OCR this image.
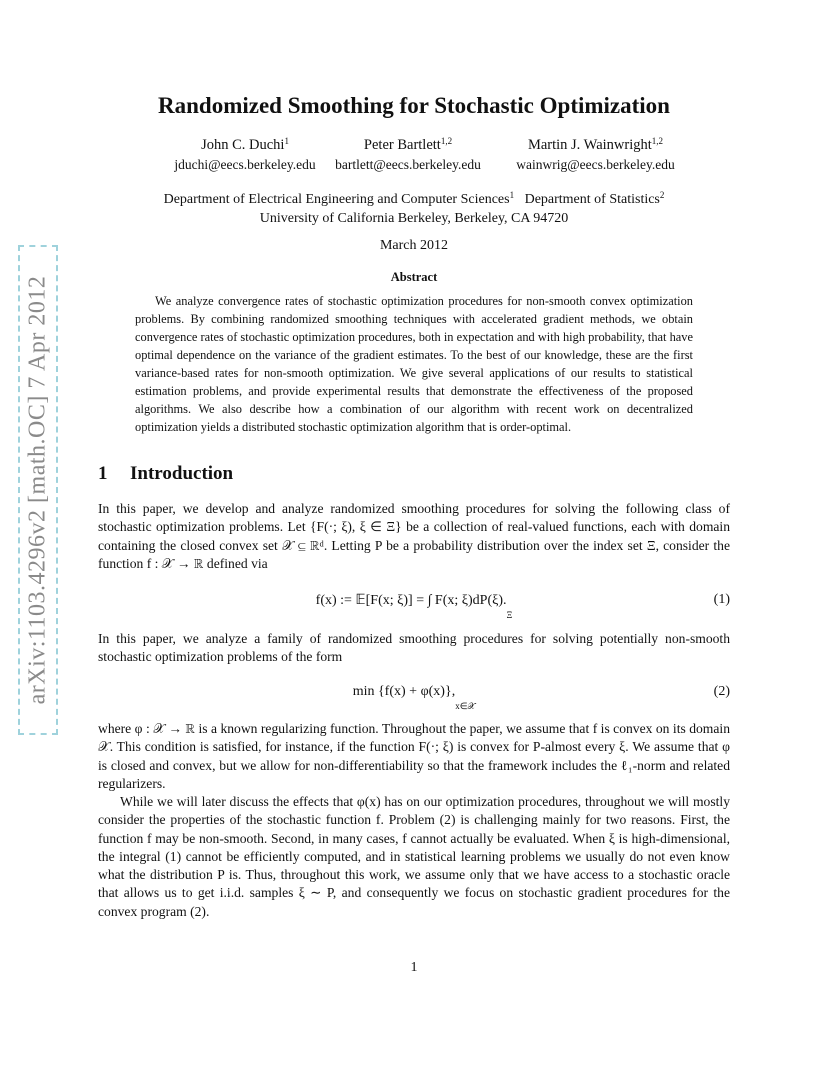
arXiv:1103.4296v2 [math.OC] 7 Apr 2012
Randomized Smoothing for Stochastic Optimization
John C. Duchi$^1$
jduchi@eecs.berkeley.edu
Peter Bartlett$^{1,2}$
bartlett@eecs.berkeley.edu
Martin J. Wainwright$^{1,2}$
wainwrig@eecs.berkeley.edu
Department of Electrical Engineering and Computer Sciences$^1$ Department of Statistics$^2$
University of California Berkeley, Berkeley, CA 94720
March 2012
Abstract

We analyze convergence rates of stochastic optimization procedures for non-smooth convex optimization problems. By combining randomized smoothing techniques with accelerated gradient methods, we obtain convergence rates of stochastic optimization procedures, both in expectation and with high probability, that have optimal dependence on the variance of the gradient estimates. To the best of our knowledge, these are the first variance-based rates for non-smooth optimization. We give several applications of our results to statistical estimation problems, and provide experimental results that demonstrate the effectiveness of the proposed algorithms. We also describe how a combination of our algorithm with recent work on decentralized optimization yields a distributed stochastic optimization algorithm that is order-optimal.

1 Introduction

In this paper, we develop and analyze randomized smoothing procedures for solving the following class of stochastic optimization problems. Let {F(·; ξ), ξ ∈ Ξ} be a collection of real-valued functions, each with domain containing the closed convex set 𝒳 ⊆ ℝᵈ. Letting P be a probability distribution over the index set Ξ, consider the function f : 𝒳 → ℝ defined via

f(x) := 𝔼[F(x; ξ)] = ∫ F(x; $\xi)dP(\xi)._\Xi$
(1)

In this paper, we analyze a family of randomized smoothing procedures for solving potentially non-smooth stochastic optimization problems of the form

$\min \{f(x) + \varphi(x)\},_{x\in 𝒳}$
(2)

where φ : 𝒳 → ℝ is a known regularizing function. Throughout the paper, we assume that f is convex on its domain 𝒳. This condition is satisfied, for instance, if the function F(·; ξ) is convex for P-almost every ξ. We assume that φ is closed and convex, but we allow for non-differentiability so that the framework includes the ℓ₁-norm and related regularizers.

While we will later discuss the effects that φ(x) has on our optimization procedures, throughout we will mostly consider the properties of the stochastic function f. Problem (2) is challenging mainly for two reasons. First, the function f may be non-smooth. Second, in many cases, f cannot actually be evaluated. When ξ is high-dimensional, the integral (1) cannot be efficiently computed, and in statistical learning problems we usually do not even know what the distribution P is. Thus, throughout this work, we assume only that we have access to a stochastic oracle that allows us to get i.i.d. samples ξ ∼ P, and consequently we focus on stochastic gradient procedures for the convex program (2).

1
